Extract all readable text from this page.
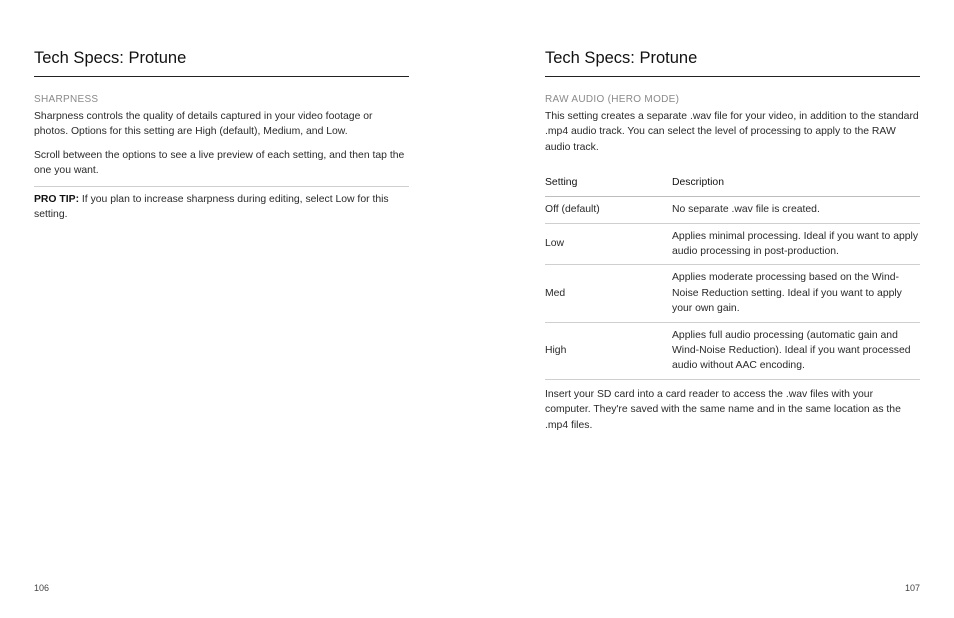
Tech Specs: Protune
SHARPNESS

Sharpness controls the quality of details captured in your video footage or photos. Options for this setting are High (default), Medium, and Low.

Scroll between the options to see a live preview of each setting, and then tap the one you want.

PRO TIP: If you plan to increase sharpness during editing, select Low for this setting.

106
Tech Specs: Protune
RAW AUDIO (HERO MODE)

This setting creates a separate .wav file for your video, in addition to the standard .mp4 audio track. You can select the level of processing to apply to the RAW audio track.

Setting	Description
Off (default)	No separate .wav file is created.
Low	Applies minimal processing. Ideal if you want to apply audio processing in post-production.
Med	Applies moderate processing based on the Wind-Noise Reduction setting. Ideal if you want to apply your own gain.
High	Applies full audio processing (automatic gain and Wind-Noise Reduction). Ideal if you want processed audio without AAC encoding.

Insert your SD card into a card reader to access the .wav files with your computer. They're saved with the same name and in the same location as the .mp4 files.

107
